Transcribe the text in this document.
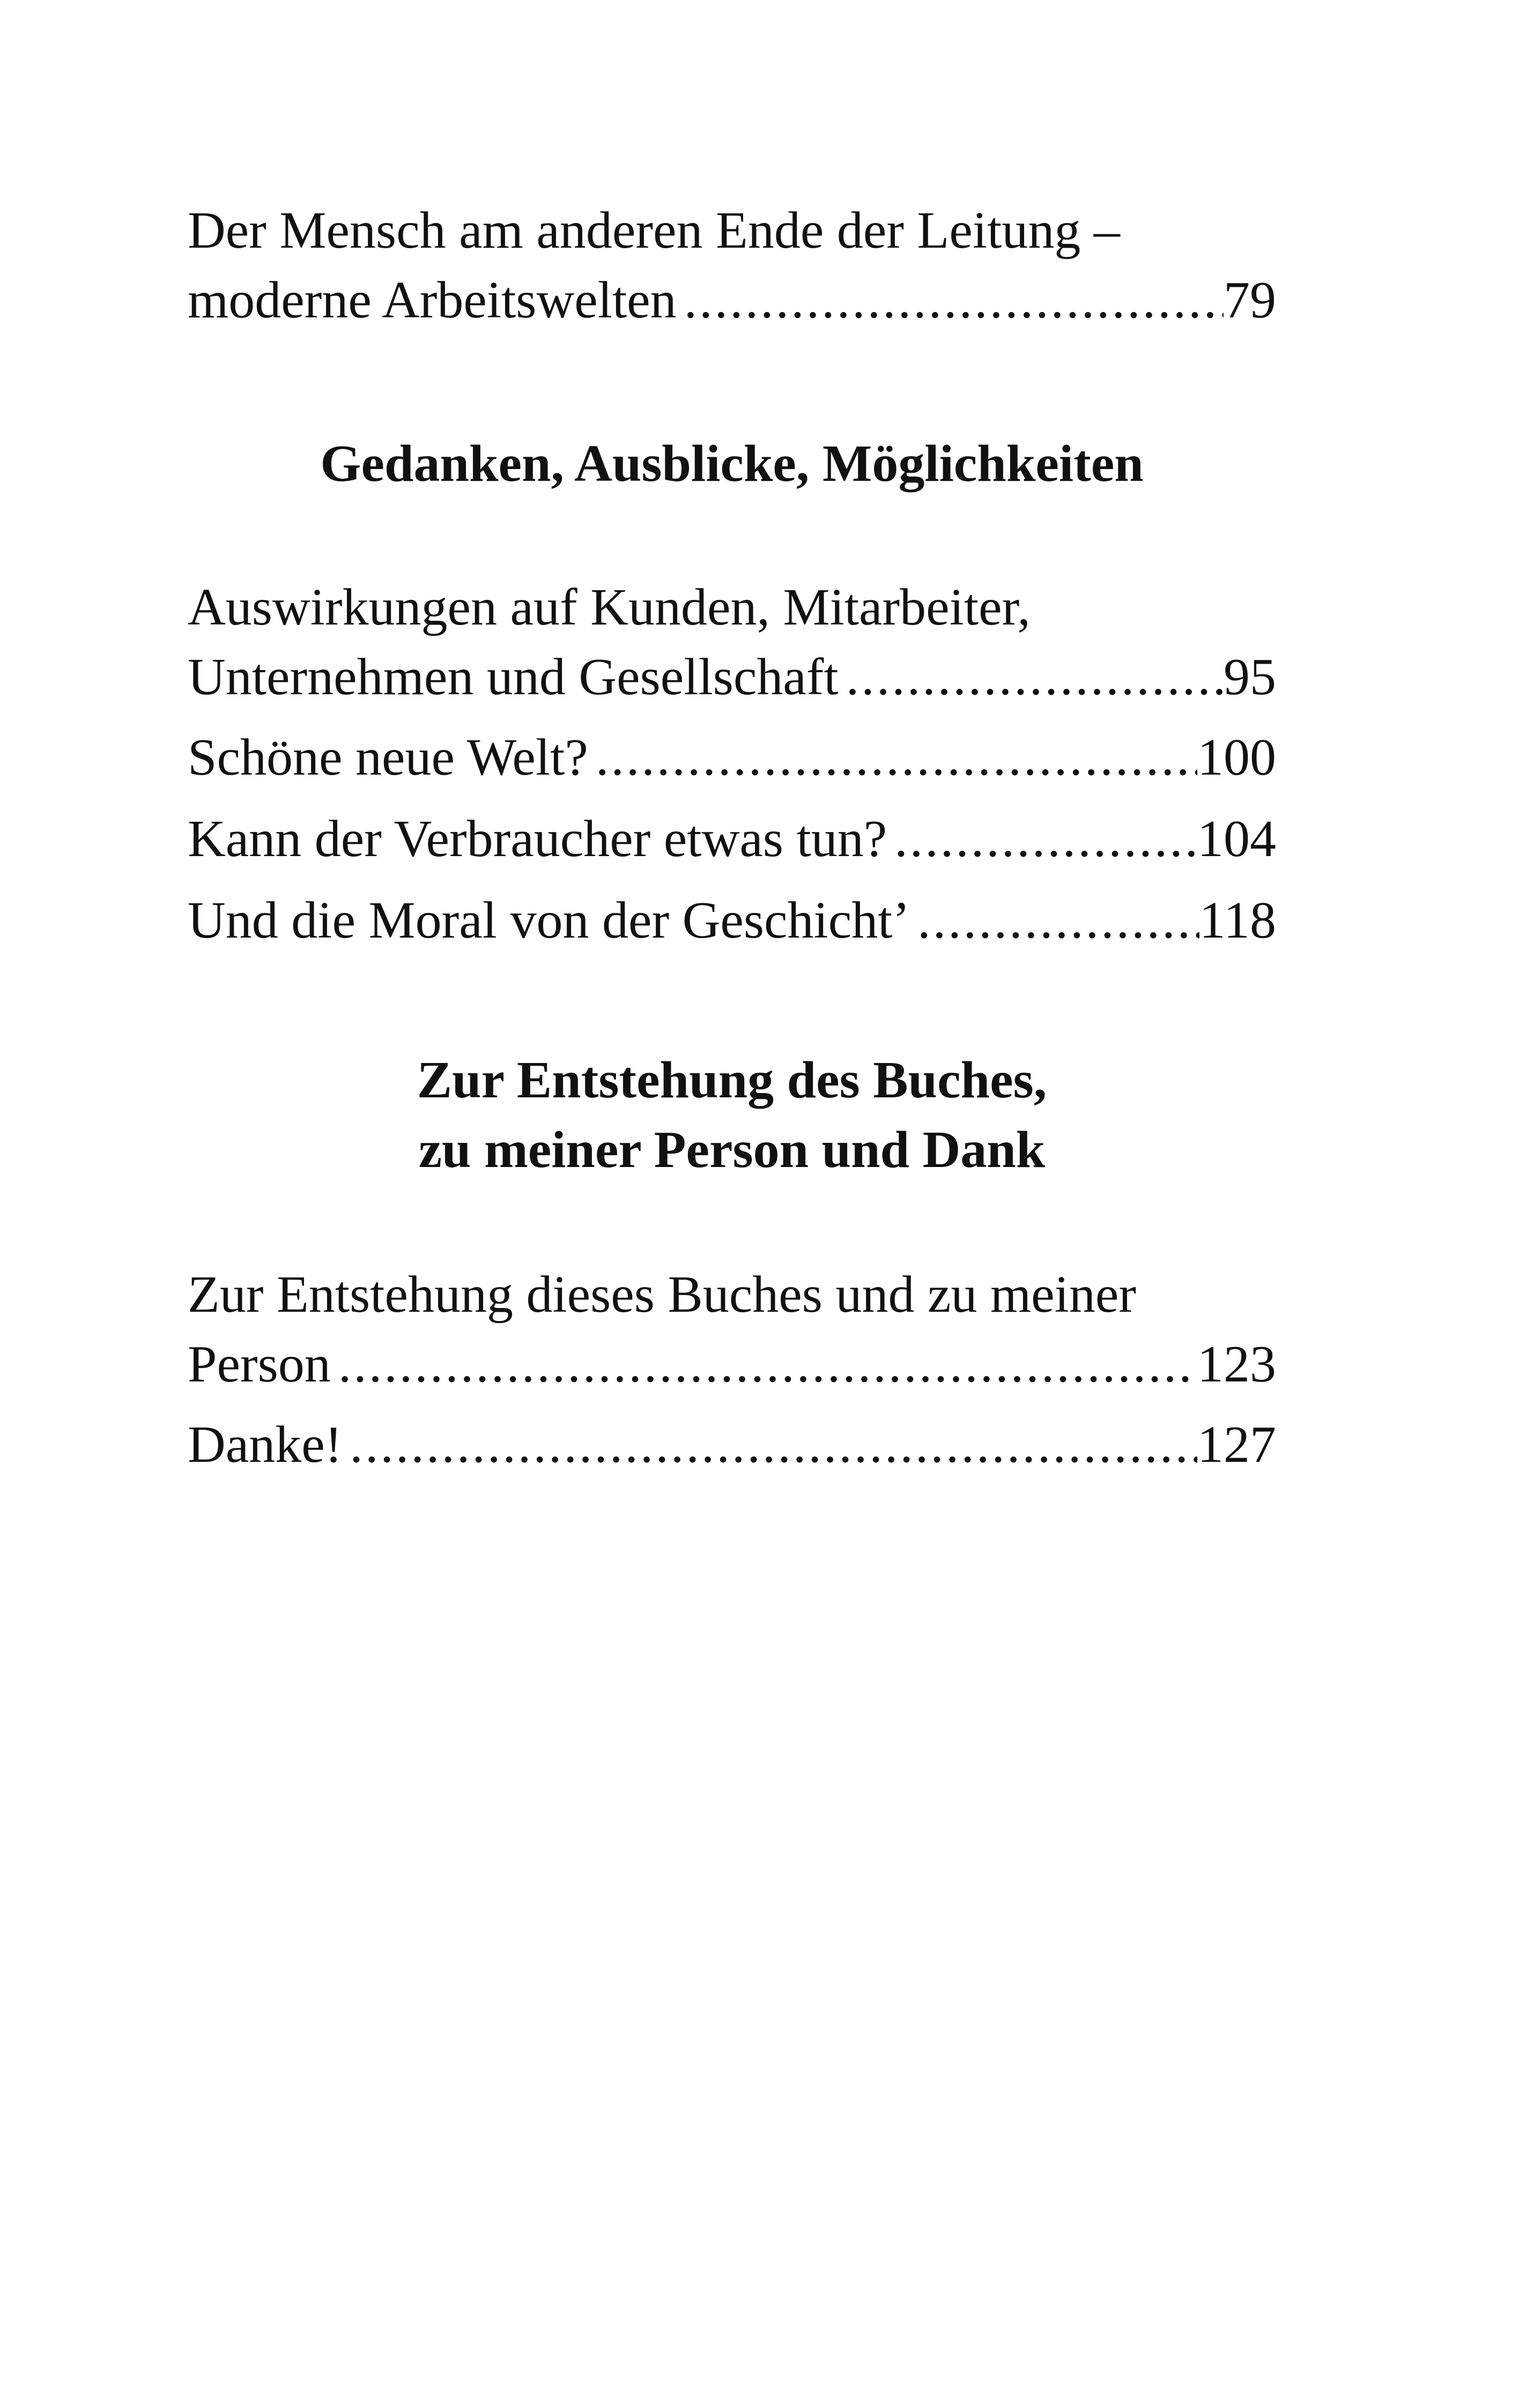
Der Mensch am anderen Ende der Leitung –
moderne Arbeitswelten .....	79
Gedanken, Ausblicke, Möglichkeiten
Auswirkungen auf Kunden, Mitarbeiter,
Unternehmen und Gesellschaft .....	95
Schöne neue Welt? .....	100
Kann der Verbraucher etwas tun? .....	104
Und die Moral von der Geschicht’ .....	118
Zur Entstehung des Buches,
zu meiner Person und Dank
Zur Entstehung dieses Buches und zu meiner
Person .....	123
Danke! .....	127
